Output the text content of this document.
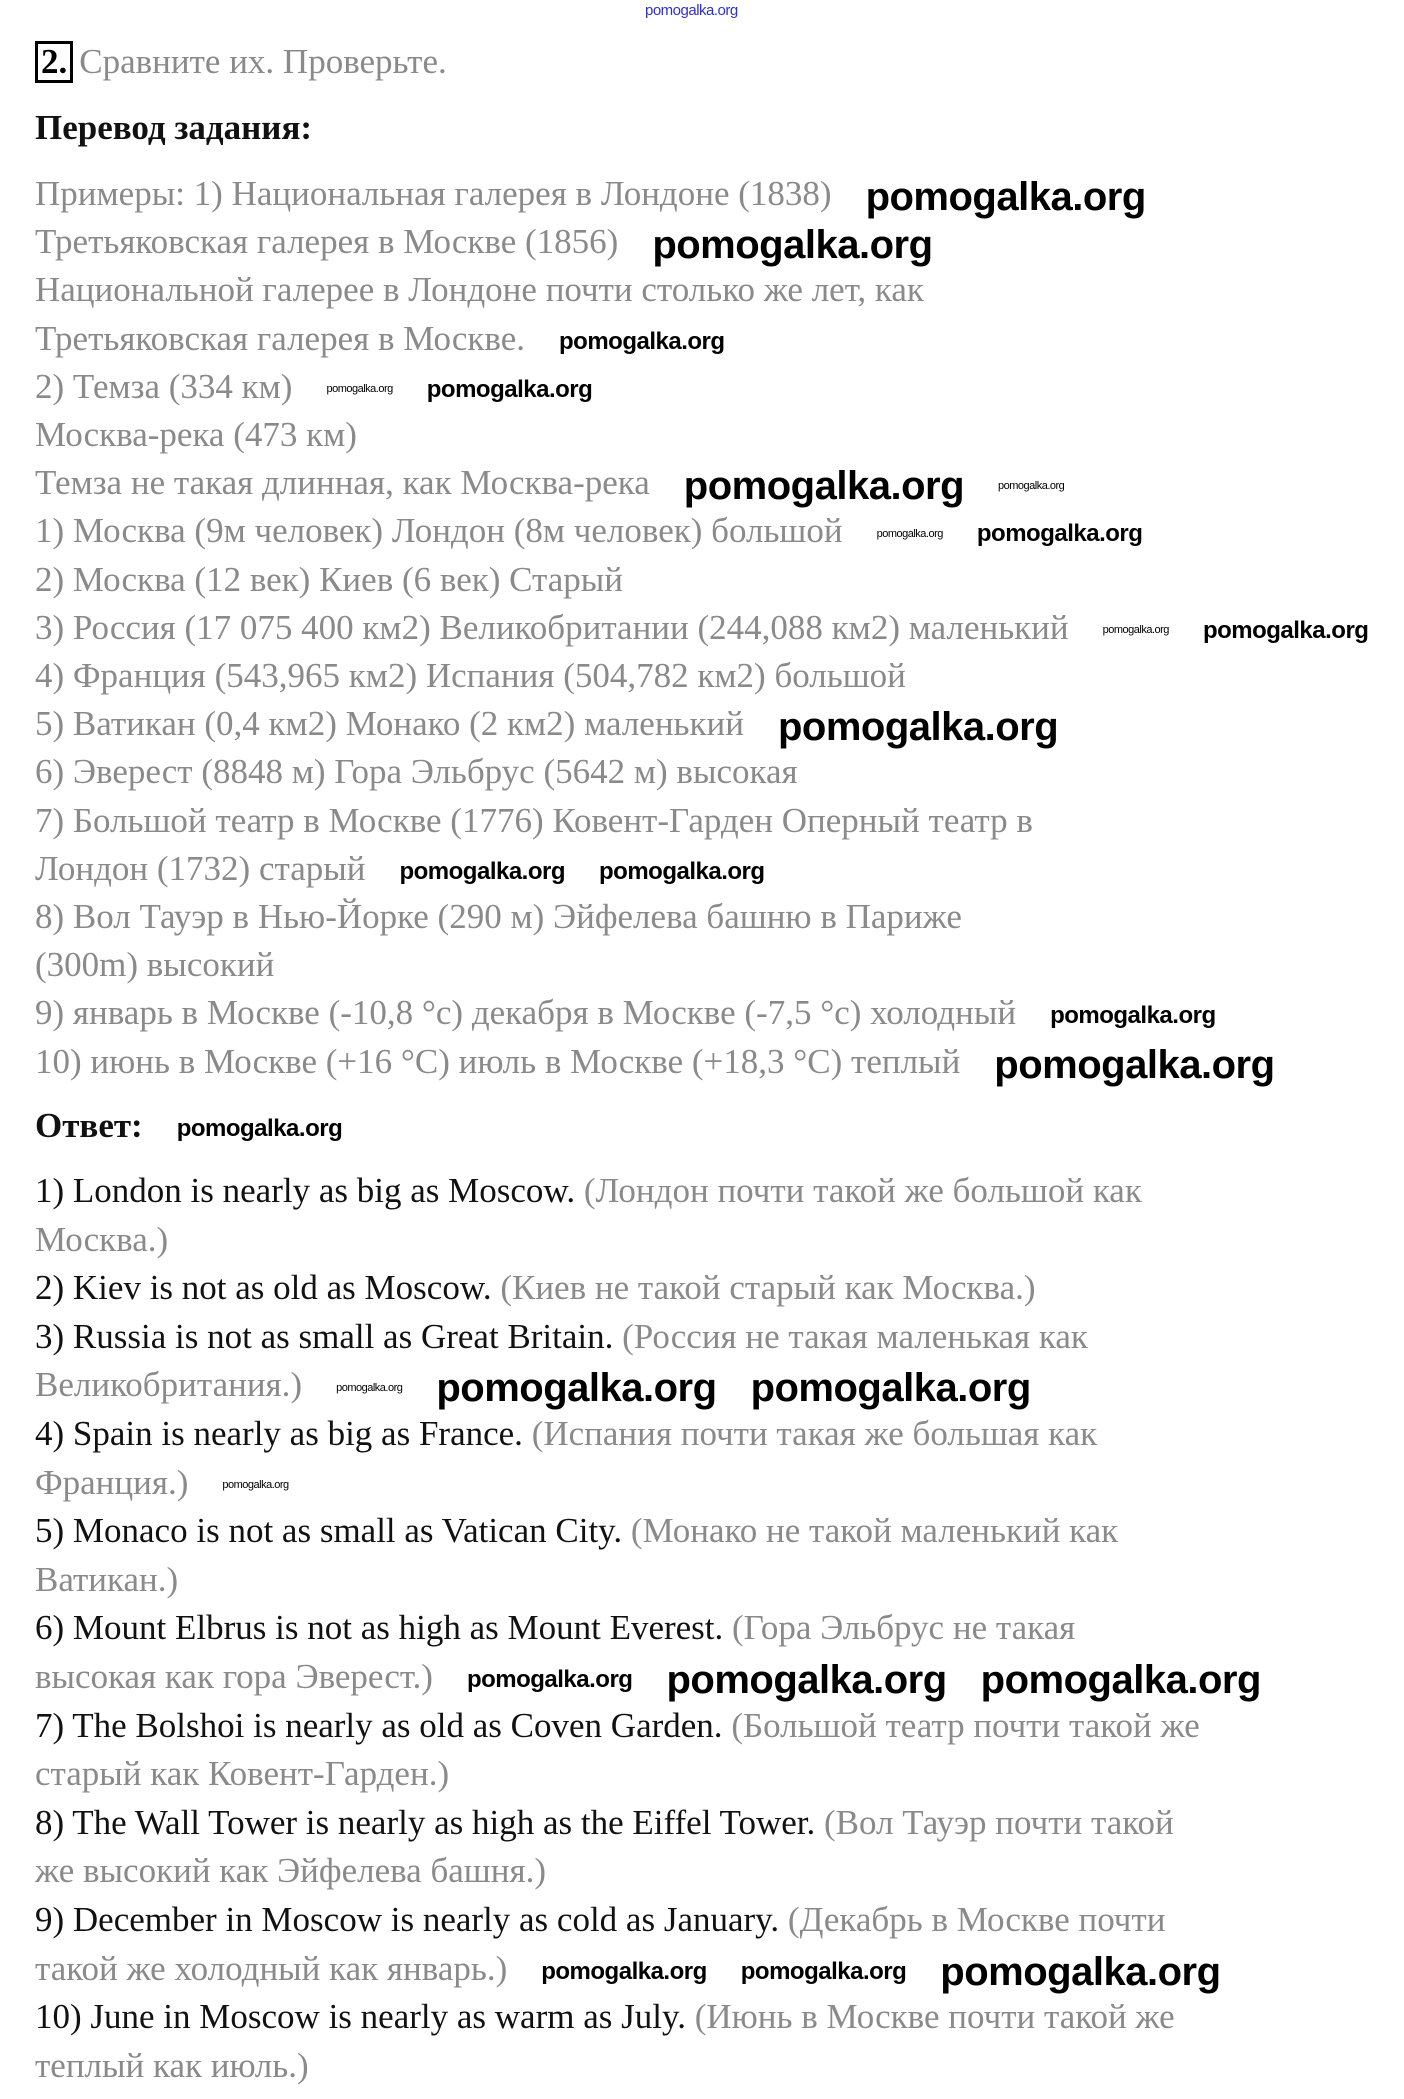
pomogalka.org
2. Сравните их. Проверьте.
Перевод задания:
Примеры: 1) Национальная галерея в Лондоне (1838) pomogalka.org
Третьяковская галерея в Москве (1856) pomogalka.org
Национальной галерее в Лондоне почти столько же лет, как
Третьяковская галерея в Москве. pomogalka.org
2) Темза (334 км)	pomogalka.org pomogalka.org
Москва-река (473 км)
Темза не такая длинная, как Москва-река pomogalka.org	pomogalka.org
1) Москва (9м человек) Лондон (8м человек) большой	pomogalka.org pomogalka.org
2) Москва (12 век) Киев (6 век) Старый
3) Россия (17 075 400 км2) Великобритании (244,088 км2) маленький	pomogalka.org pomogalka.org
4) Франция (543,965 км2) Испания (504,782 км2) большой
5) Ватикан (0,4 км2) Монако (2 км2) маленький pomogalka.org
6) Эверест (8848 м) Гора Эльбрус (5642 м) высокая
7) Большой театр в Москве (1776) Ковент-Гарден Оперный театр в
Лондон (1732) старый pomogalka.org pomogalka.org
8) Вол Тауэр в Нью-Йорке (290 м) Эйфелева башню в Париже
(300m) высокий
9) январь в Москве (-10,8 °с) декабря в Москве (-7,5 °с) холодный pomogalka.org
10) июнь в Москве (+16 °С) июль в Москве (+18,3 °С) теплый pomogalka.org
Ответ: pomogalka.org
1) London is nearly as big as Moscow. (Лондон почти такой же большой как
Москва.)
2) Kiev is not as old as Moscow. (Киев не такой старый как Москва.)
3) Russia is not as small as Great Britain. (Россия не такая маленькая как
Великобритания.)	pomogalka.org pomogalka.org pomogalka.org
4) Spain is nearly as big as France. (Испания почти такая же большая как
Франция.)	pomogalka.org
5) Monaco is not as small as Vatican City. (Монако не такой маленький как
Ватикан.)
6) Mount Elbrus is not as high as Mount Everest. (Гора Эльбрус не такая
высокая как гора Эверест.) pomogalka.org pomogalka.org pomogalka.org
7) The Bolshoi is nearly as old as Coven Garden. (Большой театр почти такой же
старый как Ковент-Гарден.)
8) The Wall Tower is nearly as high as the Eiffel Tower. (Вол Тауэр почти такой
же высокий как Эйфелева башня.)
9) December in Moscow is nearly as cold as January. (Декабрь в Москве почти
такой же холодный как январь.) pomogalka.org pomogalka.org pomogalka.org
10) June in Moscow is nearly as warm as July. (Июнь в Москве почти такой же
теплый как июль.)
